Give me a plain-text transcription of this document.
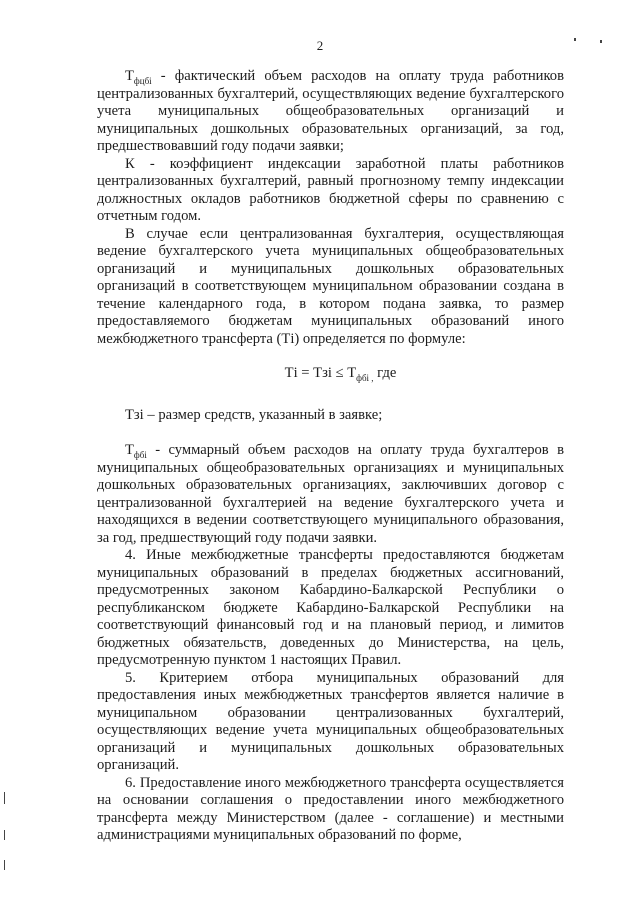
2

$Т_{фцбi}$ - фактический объем расходов на оплату труда работников централизованных бухгалтерий, осуществляющих ведение бухгалтерского учета муниципальных общеобразовательных организаций и муниципальных дошкольных образовательных организаций, за год, предшествовавший году подачи заявки;

К - коэффициент индексации заработной платы работников централизованных бухгалтерий, равный прогнозному темпу индексации должностных окладов работников бюджетной сферы по сравнению с отчетным годом.

В случае если централизованная бухгалтерия, осуществляющая ведение бухгалтерского учета муниципальных общеобразовательных организаций и муниципальных дошкольных образовательных организаций в соответствующем муниципальном образовании создана в течение календарного года, в котором подана заявка, то размер предоставляемого бюджетам муниципальных образований иного межбюджетного трансферта (Тi) определяется по формуле:

Тi = Тзi ≤ $Т_{фбi ,}$ где

Тзi – размер средств, указанный в заявке;

$Т_{фбi}$ - суммарный объем расходов на оплату труда бухгалтеров в муниципальных общеобразовательных организациях и муниципальных дошкольных образовательных организациях, заключивших договор с централизованной бухгалтерией на ведение бухгалтерского учета и находящихся в ведении соответствующего муниципального образования, за год, предшествующий году подачи заявки.

4. Иные межбюджетные трансферты предоставляются бюджетам муниципальных образований в пределах бюджетных ассигнований, предусмотренных законом Кабардино-Балкарской Республики о республиканском бюджете Кабардино-Балкарской Республики на соответствующий финансовый год и на плановый период, и лимитов бюджетных обязательств, доведенных до Министерства, на цель, предусмотренную пунктом 1 настоящих Правил.

5. Критерием отбора муниципальных образований для предоставления иных межбюджетных трансфертов является наличие в муниципальном образовании централизованных бухгалтерий, осуществляющих ведение учета муниципальных общеобразовательных организаций и муниципальных дошкольных образовательных организаций.

6. Предоставление иного межбюджетного трансферта осуществляется на основании соглашения о предоставлении иного межбюджетного трансферта между Министерством (далее - соглашение) и местными администрациями муниципальных образований по форме,
